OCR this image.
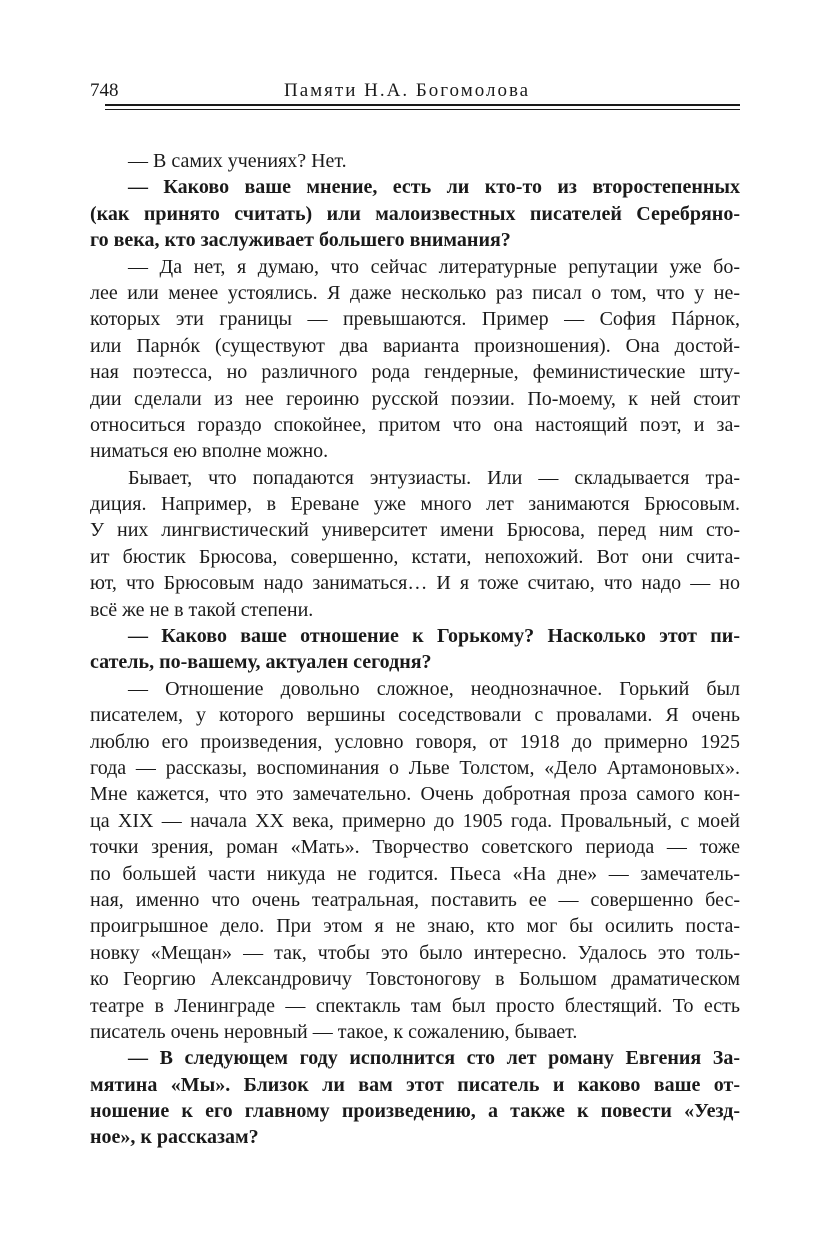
748	Памяти Н.А. Богомолова
— В самих учениях? Нет.
— Каково ваше мнение, есть ли кто-то из второстепенных
(как принято считать) или малоизвестных писателей Серебряно-
го века, кто заслуживает большего внимания?
— Да нет, я думаю, что сейчас литературные репутации уже бо-
лее или менее устоялись. Я даже несколько раз писал о том, что у не-
которых эти границы — превышаются. Пример — София Пáрнок,
или Парнóк (существуют два варианта произношения). Она достой-
ная поэтесса, но различного рода гендерные, феминистические шту-
дии сделали из нее героиню русской поэзии. По-моему, к ней стоит
относиться гораздо спокойнее, притом что она настоящий поэт, и за-
ниматься ею вполне можно.
Бывает, что попадаются энтузиасты. Или — складывается тра-
диция. Например, в Ереване уже много лет занимаются Брюсовым.
У них лингвистический университет имени Брюсова, перед ним сто-
ит бюстик Брюсова, совершенно, кстати, непохожий. Вот они счита-
ют, что Брюсовым надо заниматься… И я тоже считаю, что надо — но
всё же не в такой степени.
— Каково ваше отношение к Горькому? Насколько этот пи-
сатель, по-вашему, актуален сегодня?
— Отношение довольно сложное, неоднозначное. Горький был
писателем, у которого вершины соседствовали с провалами. Я очень
люблю его произведения, условно говоря, от 1918 до примерно 1925
года — рассказы, воспоминания о Льве Толстом, «Дело Артамоновых».
Мне кажется, что это замечательно. Очень добротная проза самого кон-
ца XIX — начала XX века, примерно до 1905 года. Провальный, с моей
точки зрения, роман «Мать». Творчество советского периода — тоже
по большей части никуда не годится. Пьеса «На дне» — замечатель-
ная, именно что очень театральная, поставить ее — совершенно бес-
проигрышное дело. При этом я не знаю, кто мог бы осилить поста-
новку «Мещан» — так, чтобы это было интересно. Удалось это толь-
ко Георгию Александровичу Товстоногову в Большом драматическом
театре в Ленинграде — спектакль там был просто блестящий. То есть
писатель очень неровный — такое, к сожалению, бывает.
— В следующем году исполнится сто лет роману Евгения За-
мятина «Мы». Близок ли вам этот писатель и каково ваше от-
ношение к его главному произведению, а также к повести «Уезд-
ное», к рассказам?
